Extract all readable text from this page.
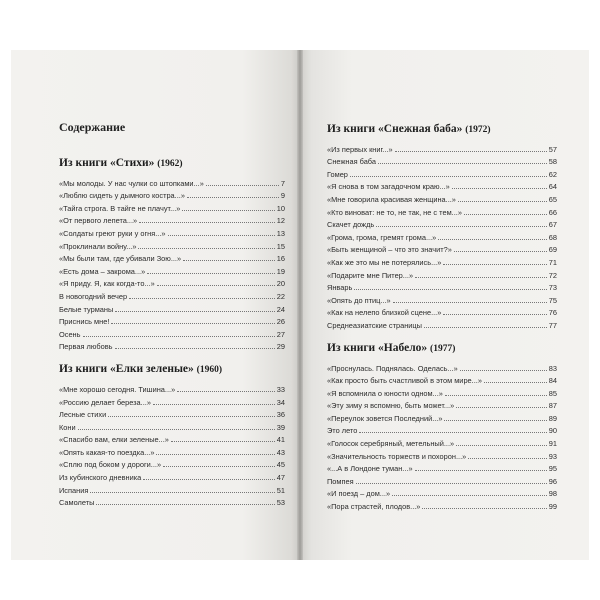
Содержание
Из книги «Стихи» (1962)
«Мы молоды. У нас чулки со штопками...»	7
«Люблю сидеть у дымного костра...»	9
«Тайга строга. В тайге не плачут...»	10
«От первого лепета...»	12
«Солдаты греют руки у огня...»	13
«Проклинали войну...»	15
«Мы были там, где убивали Зою...»	16
«Есть дома – закрома...»	19
«Я приду. Я, как когда-то...»	20
В новогодний вечер	22
Белые турманы	24
Приснись мне!	26
Осень	27
Первая любовь	29
Из книги «Елки зеленые» (1960)
«Мне хорошо сегодня. Тишина...»	33
«Россию делает береза...»	34
Лесные стихи	36
Кони	39
«Спасибо вам, елки зеленые...»	41
«Опять какая-то поездка...»	43
«Сплю под боком у дороги...»	45
Из кубинского дневника	47
Испания	51
Самолеты	53
Из книги «Снежная баба» (1972)
«Из первых книг...»	57
Снежная баба	58
Гомер	62
«Я снова в том загадочном краю...»	64
«Мне говорила красивая женщина...»	65
«Кто виноват: не то, не так, не с тем...»	66
Скачет дождь	67
«Грома, грома, гремят грома...»	68
«Быть женщиной – что это значит?»	69
«Как же это мы не потерялись...»	71
«Подарите мне Питер...»	72
Январь	73
«Опять до птиц...»	75
«Как на нелепо близкой сцене...»	76
Среднеазиатские страницы	77
Из книги «Набело» (1977)
«Проснулась. Поднялась. Оделась...»	83
«Как просто быть счастливой в этом мире...»	84
«Я вспомнила о юности одном...»	85
«Эту зиму я вспомню, быть может...»	87
«Переулок зовется Последний...»	89
Это лето	90
«Голосок серебряный, метельный...»	91
«Значительность торжеств и похорон...»	93
«...А в Лондоне туман...»	95
Помпея	96
«И поезд – дом...»	98
«Пора страстей, плодов...»	99
